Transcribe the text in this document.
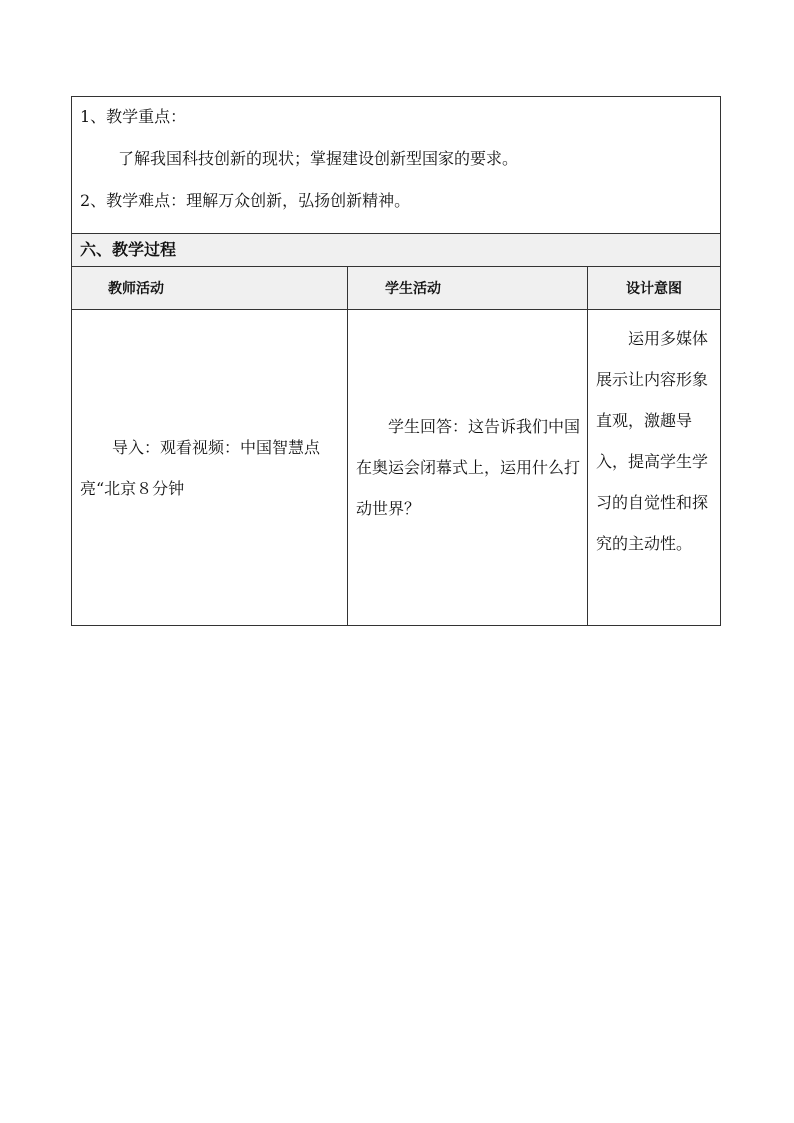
1、教学重点：
了解我国科技创新的现状；掌握建设创新型国家的要求。
2、教学难点：理解万众创新，弘扬创新精神。		

六、教学过程		
教师活动	学生活动	设计意图

导入：观看视频：中国智慧点亮“北京８分钟	学生回答：这告诉我们中国在奥运会闭幕式上，运用什么打动世界？	运用多媒体展示让内容形象直观，激趣导入，提高学生学习的自觉性和探究的主动性。
